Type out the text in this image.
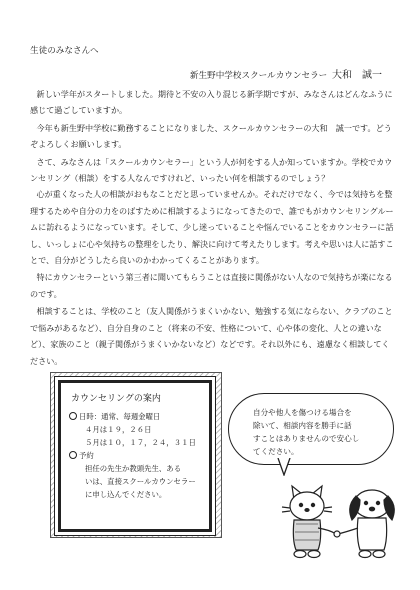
生徒のみなさんへ
新生野中学校スクールカウンセラー 大和　誠一

新しい学年がスタートしました。期待と不安の入り混じる新学期ですが、みなさんはどんなふうに感じて過ごしていますか。

今年も新生野中学校に勤務することになりました、スクールカウンセラーの大和　誠一です。どうぞよろしくお願いします。

さて、みなさんは「スクールカウンセラー」という人が何をする人か知っていますか。学校でカウンセリング（相談）をする人なんですけれど、いったい何を相談するのでしょう？

心が重くなった人の相談がおもなことだと思っていませんか。それだけでなく、今では気持ちを整理するためや自分の力をのばすために相談するようになってきたので、誰でもがカウンセリングルームに訪れるようになっています。そして、少し迷っていることや悩んでいることをカウンセラーに話し、いっしょに心や気持ちの整理をしたり、解決に向けて考えたりします。考えや思いは人に話すことで、自分がどうしたら良いのかわかってくることがあります。

特にカウンセラーという第三者に聞いてもらうことは直接に関係がない人なので気持ちが楽になるのです。

相談することは、学校のこと（友人関係がうまくいかない、勉強する気にならない、クラブのことで悩みがあるなど）、自分自身のこと（将来の不安、性格について、心や体の変化、人との違いなど）、家族のこと（親子関係がうまくいかないなど）などです。それ以外にも、遠慮なく相談してください。

カウンセリングの案内
日時：通常、毎週金曜日
４月は１９，２６日
５月は１０，１７，２４，３１日
予約
担任の先生か教頭先生、ある
いは、直接スクールカウンセラー
に申し込んでください。
自分や他人を傷つける場合を
除いて、相談内容を勝手に話
すことはありませんので安心し
てください。
